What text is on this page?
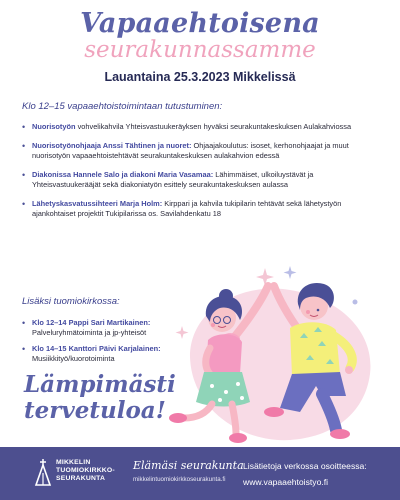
Vapaaehtoisena
seurakunnassamme
Lauantaina 25.3.2023 Mikkelissä
Klo 12–15 vapaaehtoistoimintaan tutustuminen:
• Nuorisotyön vohvelikahvila Yhteisvastuukeräyksen hyväksi seurakuntakeskuksen Aulakahviossa
• Nuorisotyönohjaaja Anssi Tähtinen ja nuoret: Ohjaajakoulutus: isoset, kerhonohjaajat ja muut nuorisotyön vapaaehtoistehtävät seurakuntakeskuksen aulakahvion edessä
• Diakonissa Hannele Salo ja diakoni Maria Vasamaa: Lähimmäiset, ulkoiluystävät ja Yhteisvastuukerääjät sekä diakoniatyön esittely seurakuntakeskuksen aulassa
• Lähetyskasvatussihteeri Marja Holm: Kirppari ja kahvila tukipilarin tehtävät sekä lähetystyön ajankohtaiset projektit Tukipilarissa os. Savilahdenkatu 18
Lisäksi tuomiokirkossa:
• Klo 12–14 Pappi Sari Martikainen:
Palveluryhmätoiminta ja jp-yhteisöt
• Klo 14–15 Kanttori Päivi Karjalainen:
Musiikkityö/kuorotoiminta
Lämpimästi
tervetuloa!
MIKKELIN
TUOMIOKIRKKO-
SEURAKUNTA
Elämäsi seurakunta
mikkelintuomiokirkkoseurakunta.fi
Lisätietoja verkossa osoitteessa:
www.vapaaehtoistyo.fi
